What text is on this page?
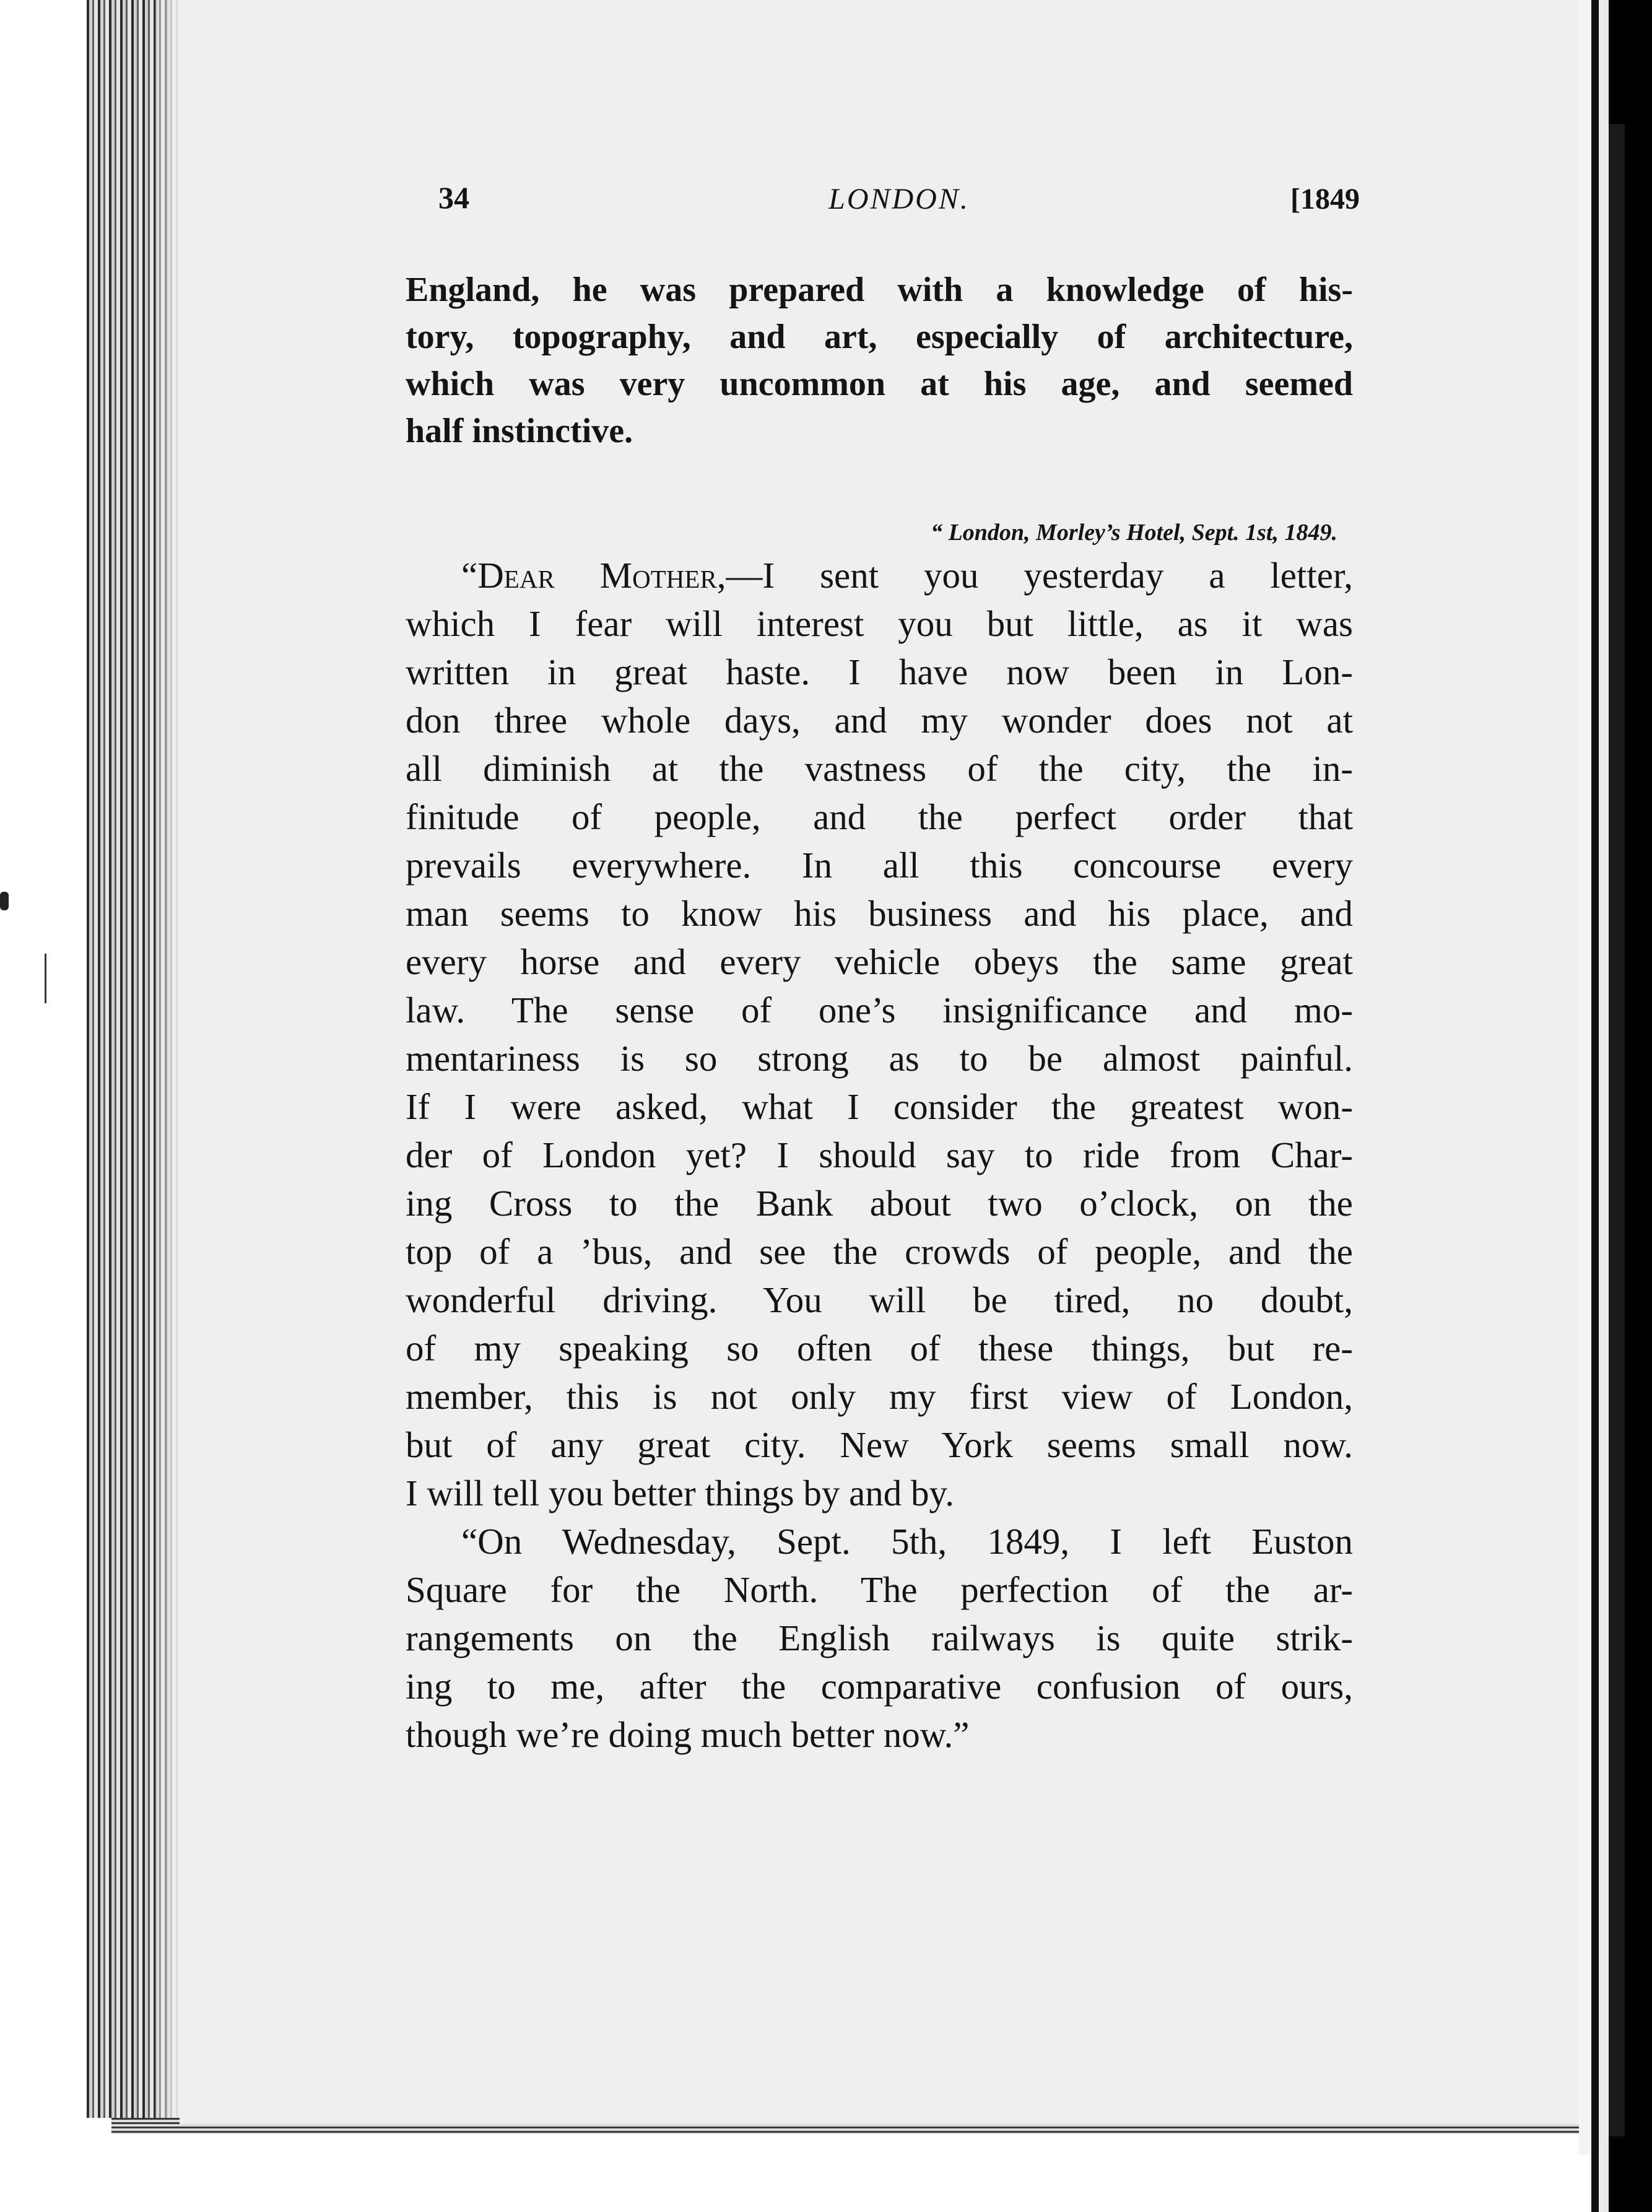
34	LONDON.	[1849
England, he was prepared with a knowledge of his-
tory, topography, and art, especially of architecture,
which was very uncommon at his age, and seemed
half instinctive.
“ London, Morley’s Hotel, Sept. 1st, 1849.
“Dear Mother,—I sent you yesterday a letter,
which I fear will interest you but little, as it was
written in great haste. I have now been in Lon-
don three whole days, and my wonder does not at
all diminish at the vastness of the city, the in-
finitude of people, and the perfect order that
prevails everywhere. In all this concourse every
man seems to know his business and his place, and
every horse and every vehicle obeys the same great
law. The sense of one’s insignificance and mo-
mentariness is so strong as to be almost painful.
If I were asked, what I consider the greatest won-
der of London yet? I should say to ride from Char-
ing Cross to the Bank about two o’clock, on the
top of a ’bus, and see the crowds of people, and the
wonderful driving. You will be tired, no doubt,
of my speaking so often of these things, but re-
member, this is not only my first view of London,
but of any great city. New York seems small now.
I will tell you better things by and by.
“On Wednesday, Sept. 5th, 1849, I left Euston
Square for the North. The perfection of the ar-
rangements on the English railways is quite strik-
ing to me, after the comparative confusion of ours,
though we’re doing much better now.”
